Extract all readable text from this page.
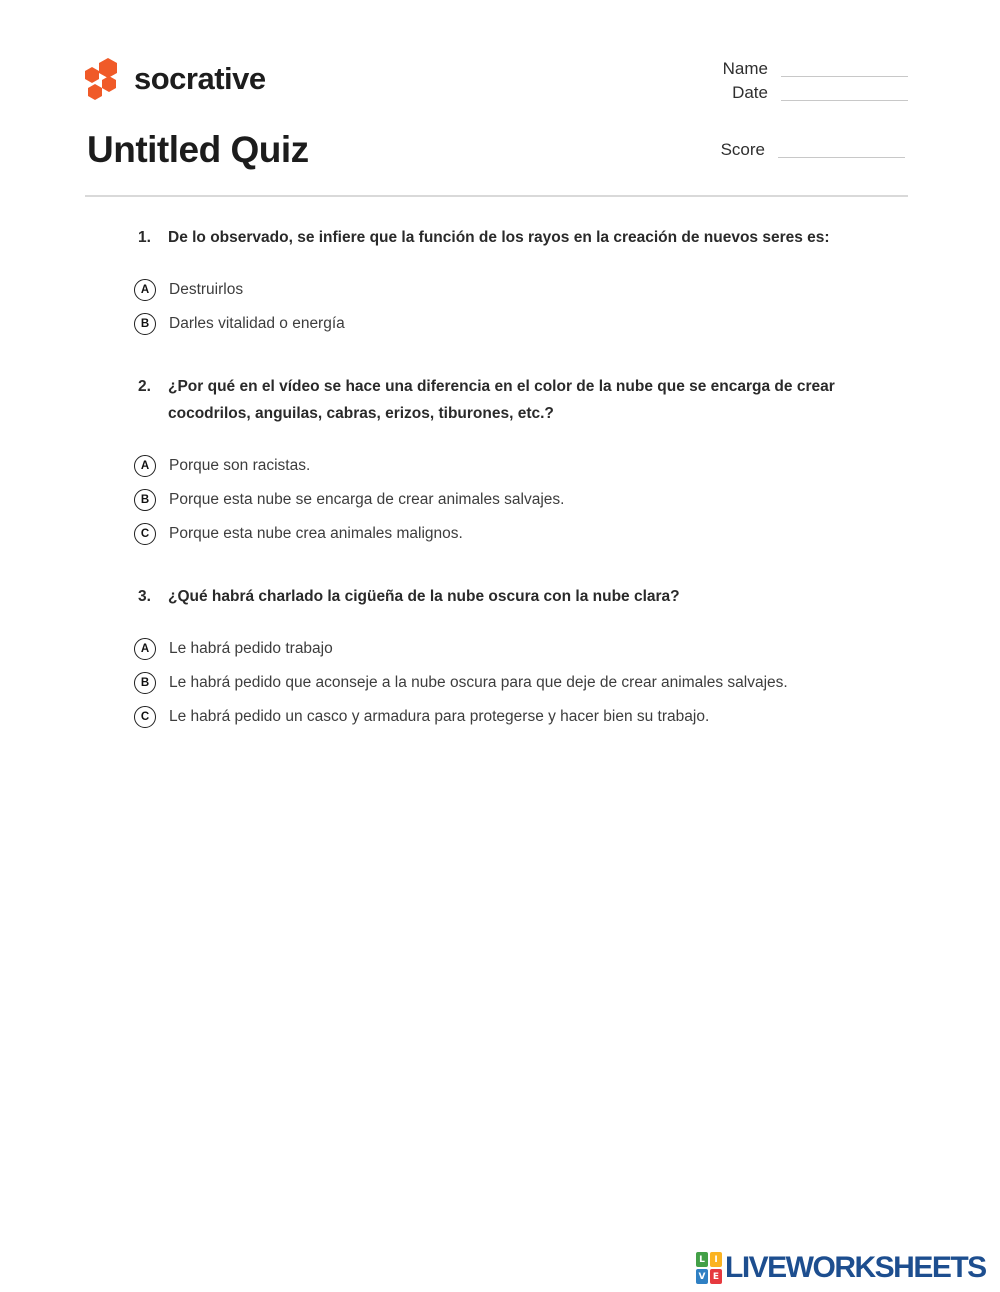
socrative	Name
Date
Untitled Quiz	Score
1.	De lo observado, se infiere que la función de los rayos en la creación de nuevos seres es:
A	Destruirlos
B	Darles vitalidad o energía
2.	¿Por qué en el vídeo se hace una diferencia en el color de la nube que se encarga de crear cocodrilos, anguilas, cabras, erizos, tiburones, etc.?
A	Porque son racistas.
B	Porque esta nube se encarga de crear animales salvajes.
C	Porque esta nube crea animales malignos.
3.	¿Qué habrá charlado la cigüeña de la nube oscura con la nube clara?
A	Le habrá pedido trabajo
B	Le habrá pedido que aconseje a la nube oscura para que deje de crear animales salvajes.
C	Le habrá pedido un casco y armadura para protegerse y hacer bien su trabajo.
L	I
V E LIVEWORKSHEETS
